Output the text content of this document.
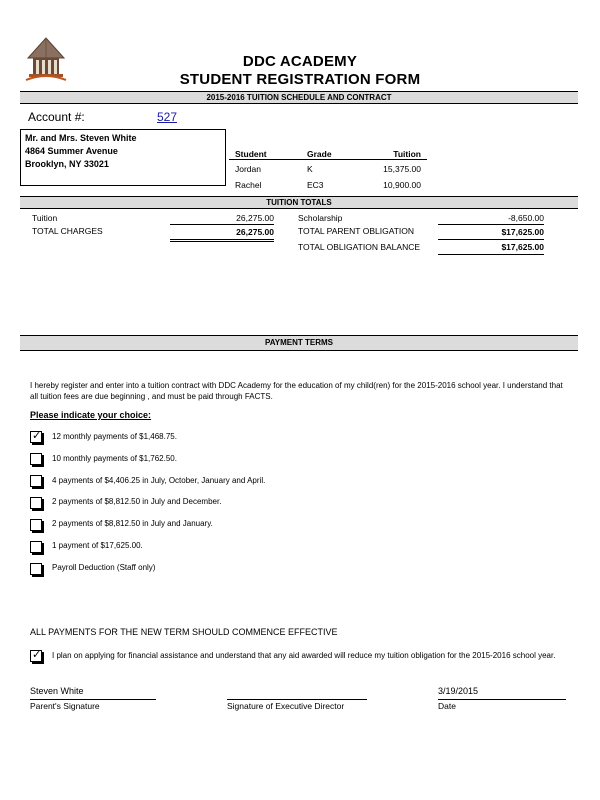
DDC ACADEMY
STUDENT REGISTRATION FORM
2015-2016 TUITION SCHEDULE AND CONTRACT
Account #:	527
Mr. and Mrs. Steven White
4864 Summer Avenue
Brooklyn, NY 33021
Student	Grade	Tuition
Jordan	K	15,375.00
Rachel	EC3	10,900.00
TUITION TOTALS
Tuition	26,275.00
TOTAL CHARGES	26,275.00
Scholarship	-8,650.00
TOTAL PARENT OBLIGATION	$17,625.00
TOTAL OBLIGATION BALANCE	$17,625.00
PAYMENT TERMS
I hereby register and enter into a tuition contract with DDC Academy for the education of my child(ren) for the 2015-2016 school year. I understand that all tuition fees are due beginning , and must be paid through FACTS.
Please indicate your choice:
✓ 12 monthly payments of $1,468.75.
10 monthly payments of $1,762.50.
4 payments of $4,406.25 in July, October, January and April.
2 payments of $8,812.50 in July and December.
2 payments of $8,812.50 in July and January.
1 payment of $17,625.00.
Payroll Deduction (Staff only)
ALL PAYMENTS FOR THE NEW TERM SHOULD COMMENCE EFFECTIVE
✓ I plan on applying for financial assistance and understand that any aid awarded will reduce my tuition obligation for the 2015-2016 school year.
Steven White
Parent's Signature	Signature of Executive Director
3/19/2015
Date
